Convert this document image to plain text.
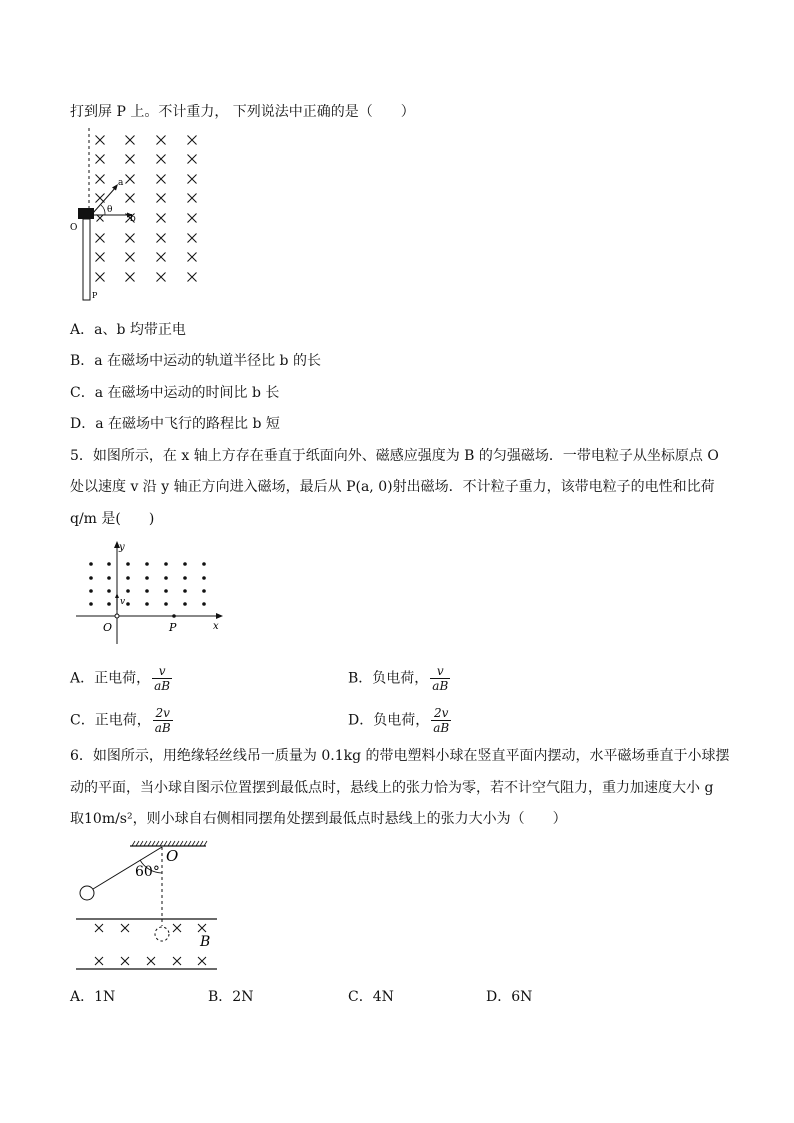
打到屏 P 上。不计重力， 下列说法中正确的是（　　）
a
b
θ
O
P
A．a、b 均带正电
B．a 在磁场中运动的轨道半径比 b 的长
C．a 在磁场中运动的时间比 b 长
D．a 在磁场中飞行的路程比 b 短
5．如图所示，在 x 轴上方存在垂直于纸面向外、磁感应强度为 B 的匀强磁场．一带电粒子从坐标原点 O
处以速度 v 沿 y 轴正方向进入磁场，最后从 P(a, 0)射出磁场．不计粒子重力，该带电粒子的电性和比荷
q/m 是(　　)
y
x
O	P
v
A．正电荷， $\frac{v}{aB}$	B．负电荷， $\frac{v}{aB}$
C．正电荷， $\frac{2v}{aB}$	D．负电荷， $\frac{2v}{aB}$
6．如图所示，用绝缘轻丝线吊一质量为 0.1kg 的带电塑料小球在竖直平面内摆动，水平磁场垂直于小球摆
动的平面，当小球自图示位置摆到最低点时，悬线上的张力恰为零，若不计空气阻力，重力加速度大小 g
取10m/s²，则小球自右侧相同摆角处摆到最低点时悬线上的张力大小为（　　）
O
60°
B
A．1N	B．2N	C．4N	D．6N
